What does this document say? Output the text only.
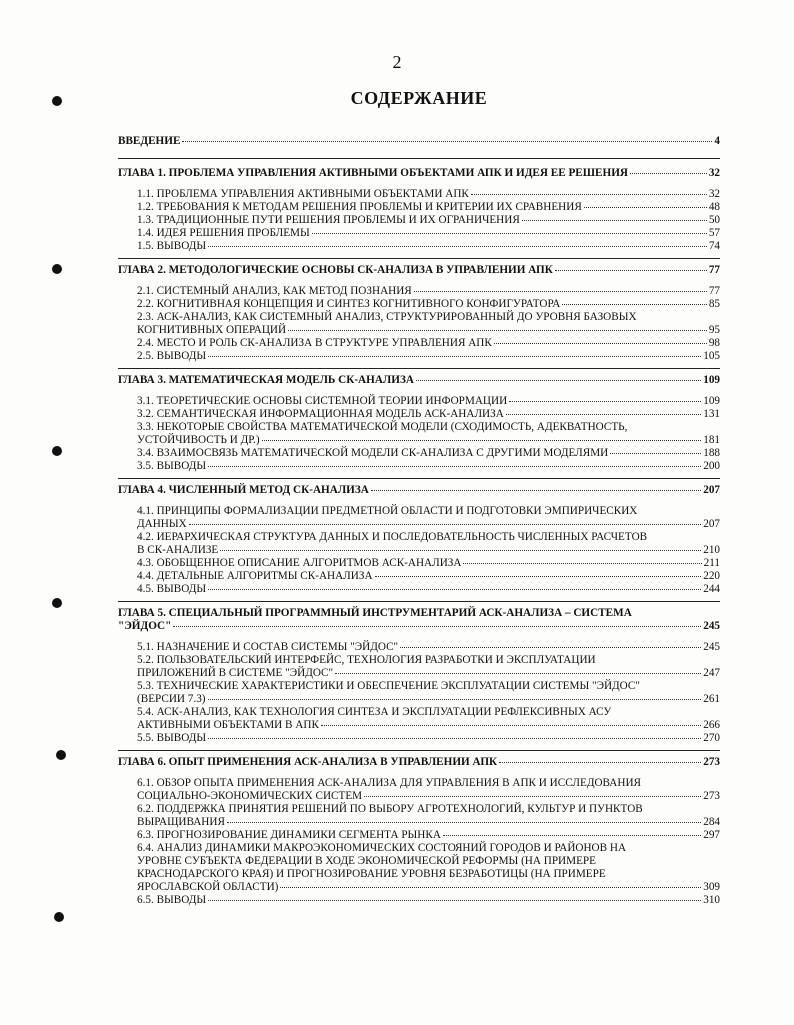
2
СОДЕРЖАНИЕ
ВВЕДЕНИЕ	4
ГЛАВА 1. ПРОБЛЕМА УПРАВЛЕНИЯ АКТИВНЫМИ ОБЪЕКТАМИ АПК И ИДЕЯ ЕЕ РЕШЕНИЯ	32
1.1. ПРОБЛЕМА УПРАВЛЕНИЯ АКТИВНЫМИ ОБЪЕКТАМИ АПК	32
1.2. ТРЕБОВАНИЯ К МЕТОДАМ РЕШЕНИЯ ПРОБЛЕМЫ И КРИТЕРИИ ИХ СРАВНЕНИЯ	48
1.3. ТРАДИЦИОННЫЕ ПУТИ РЕШЕНИЯ ПРОБЛЕМЫ И ИХ ОГРАНИЧЕНИЯ	50
1.4. ИДЕЯ РЕШЕНИЯ ПРОБЛЕМЫ	57
1.5. ВЫВОДЫ	74
ГЛАВА 2. МЕТОДОЛОГИЧЕСКИЕ ОСНОВЫ СК-АНАЛИЗА В УПРАВЛЕНИИ АПК	77
2.1. СИСТЕМНЫЙ АНАЛИЗ, КАК МЕТОД ПОЗНАНИЯ	77
2.2. КОГНИТИВНАЯ КОНЦЕПЦИЯ И СИНТЕЗ КОГНИТИВНОГО КОНФИГУРАТОРА	85
2.3. АСК-АНАЛИЗ, КАК СИСТЕМНЫЙ АНАЛИЗ, СТРУКТУРИРОВАННЫЙ ДО УРОВНЯ БАЗОВЫХ
КОГНИТИВНЫХ ОПЕРАЦИЙ	95
2.4. МЕСТО И РОЛЬ СК-АНАЛИЗА В СТРУКТУРЕ УПРАВЛЕНИЯ АПК	98
2.5. ВЫВОДЫ	105
ГЛАВА 3. МАТЕМАТИЧЕСКАЯ МОДЕЛЬ СК-АНАЛИЗА	109
3.1. ТЕОРЕТИЧЕСКИЕ ОСНОВЫ СИСТЕМНОЙ ТЕОРИИ ИНФОРМАЦИИ	109
3.2. СЕМАНТИЧЕСКАЯ ИНФОРМАЦИОННАЯ МОДЕЛЬ АСК-АНАЛИЗА	131
3.3. НЕКОТОРЫЕ СВОЙСТВА МАТЕМАТИЧЕСКОЙ МОДЕЛИ (СХОДИМОСТЬ, АДЕКВАТНОСТЬ,
УСТОЙЧИВОСТЬ И ДР.)	181
3.4. ВЗАИМОСВЯЗЬ МАТЕМАТИЧЕСКОЙ МОДЕЛИ СК-АНАЛИЗА С ДРУГИМИ МОДЕЛЯМИ	188
3.5. ВЫВОДЫ	200
ГЛАВА 4. ЧИСЛЕННЫЙ МЕТОД СК-АНАЛИЗА	207
4.1. ПРИНЦИПЫ ФОРМАЛИЗАЦИИ ПРЕДМЕТНОЙ ОБЛАСТИ И ПОДГОТОВКИ ЭМПИРИЧЕСКИХ
ДАННЫХ	207
4.2. ИЕРАРХИЧЕСКАЯ СТРУКТУРА ДАННЫХ И ПОСЛЕДОВАТЕЛЬНОСТЬ ЧИСЛЕННЫХ РАСЧЕТОВ
В СК-АНАЛИЗЕ	210
4.3. ОБОБЩЕННОЕ ОПИСАНИЕ АЛГОРИТМОВ АСК-АНАЛИЗА	211
4.4. ДЕТАЛЬНЫЕ АЛГОРИТМЫ СК-АНАЛИЗА	220
4.5. ВЫВОДЫ	244
ГЛАВА 5. СПЕЦИАЛЬНЫЙ ПРОГРАММНЫЙ ИНСТРУМЕНТАРИЙ АСК-АНАЛИЗА – СИСТЕМА
"ЭЙДОС"	245
5.1. НАЗНАЧЕНИЕ И СОСТАВ СИСТЕМЫ "ЭЙДОС"	245
5.2. ПОЛЬЗОВАТЕЛЬСКИЙ ИНТЕРФЕЙС, ТЕХНОЛОГИЯ РАЗРАБОТКИ И ЭКСПЛУАТАЦИИ
ПРИЛОЖЕНИЙ В СИСТЕМЕ "ЭЙДОС"	247
5.3. ТЕХНИЧЕСКИЕ ХАРАКТЕРИСТИКИ И ОБЕСПЕЧЕНИЕ ЭКСПЛУАТАЦИИ СИСТЕМЫ "ЭЙДОС"
(ВЕРСИИ 7.3)	261
5.4. АСК-АНАЛИЗ, КАК ТЕХНОЛОГИЯ СИНТЕЗА И ЭКСПЛУАТАЦИИ РЕФЛЕКСИВНЫХ АСУ
АКТИВНЫМИ ОБЪЕКТАМИ В АПК	266
5.5. ВЫВОДЫ	270
ГЛАВА 6. ОПЫТ ПРИМЕНЕНИЯ АСК-АНАЛИЗА В УПРАВЛЕНИИ АПК	273
6.1. ОБЗОР ОПЫТА ПРИМЕНЕНИЯ АСК-АНАЛИЗА ДЛЯ УПРАВЛЕНИЯ В АПК И ИССЛЕДОВАНИЯ
СОЦИАЛЬНО-ЭКОНОМИЧЕСКИХ СИСТЕМ	273
6.2. ПОДДЕРЖКА ПРИНЯТИЯ РЕШЕНИЙ ПО ВЫБОРУ АГРОТЕХНОЛОГИЙ, КУЛЬТУР И ПУНКТОВ
ВЫРАЩИВАНИЯ	284
6.3. ПРОГНОЗИРОВАНИЕ ДИНАМИКИ СЕГМЕНТА РЫНКА	297
6.4. АНАЛИЗ ДИНАМИКИ МАКРОЭКОНОМИЧЕСКИХ СОСТОЯНИЙ ГОРОДОВ И РАЙОНОВ НА
УРОВНЕ СУБЪЕКТА ФЕДЕРАЦИИ В ХОДЕ ЭКОНОМИЧЕСКОЙ РЕФОРМЫ (НА ПРИМЕРЕ
КРАСНОДАРСКОГО КРАЯ) И ПРОГНОЗИРОВАНИЕ УРОВНЯ БЕЗРАБОТИЦЫ (НА ПРИМЕРЕ
ЯРОСЛАВСКОЙ ОБЛАСТИ)	309
6.5. ВЫВОДЫ	310
